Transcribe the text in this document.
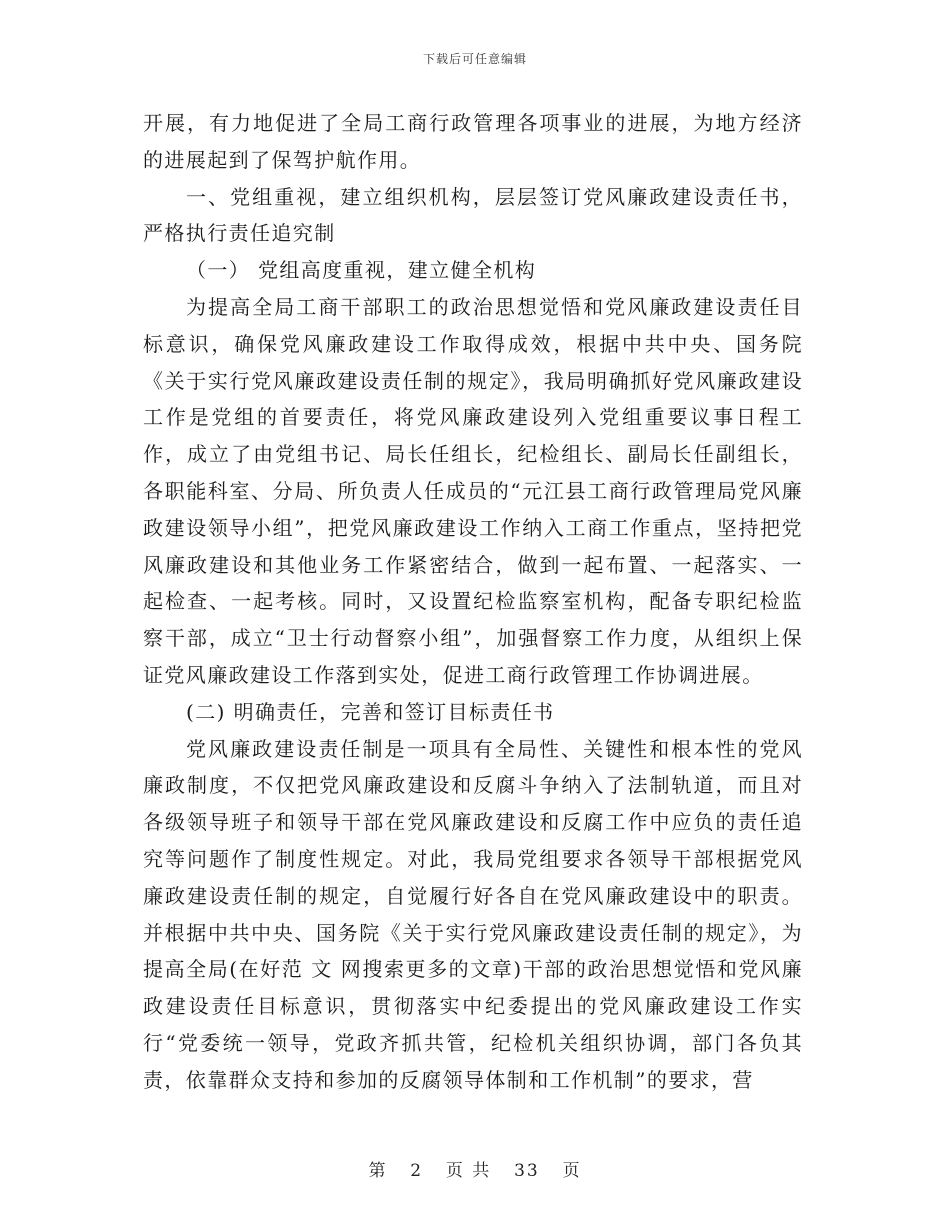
下载后可任意编辑

开展，有力地促进了全局工商行政管理各项事业的进展，为地方经济的进展起到了保驾护航作用。

一、党组重视，建立组织机构，层层签订党风廉政建设责任书，严格执行责任追究制

（一） 党组高度重视，建立健全机构

为提高全局工商干部职工的政治思想觉悟和党风廉政建设责任目标意识，确保党风廉政建设工作取得成效，根据中共中央、国务院《关于实行党风廉政建设责任制的规定》，我局明确抓好党风廉政建设工作是党组的首要责任，将党风廉政建设列入党组重要议事日程工作，成立了由党组书记、局长任组长，纪检组长、副局长任副组长，各职能科室、分局、所负责人任成员的“元江县工商行政管理局党风廉政建设领导小组”，把党风廉政建设工作纳入工商工作重点，坚持把党风廉政建设和其他业务工作紧密结合，做到一起布置、一起落实、一起检查、一起考核。同时，又设置纪检监察室机构，配备专职纪检监察干部，成立“卫士行动督察小组”，加强督察工作力度，从组织上保证党风廉政建设工作落到实处，促进工商行政管理工作协调进展。

(二) 明确责任，完善和签订目标责任书

党风廉政建设责任制是一项具有全局性、关键性和根本性的党风廉政制度，不仅把党风廉政建设和反腐斗争纳入了法制轨道，而且对各级领导班子和领导干部在党风廉政建设和反腐工作中应负的责任追究等问题作了制度性规定。对此，我局党组要求各领导干部根据党风廉政建设责任制的规定，自觉履行好各自在党风廉政建设中的职责。并根据中共中央、国务院《关于实行党风廉政建设责任制的规定》，为提高全局(在好范 文 网搜索更多的文章)干部的政治思想觉悟和党风廉政建设责任目标意识，贯彻落实中纪委提出的党风廉政建设工作实行“党委统一领导，党政齐抓共管，纪检机关组织协调，部门各负其责，依靠群众支持和参加的反腐领导体制和工作机制”的要求，营

第 2 页 共 33 页
